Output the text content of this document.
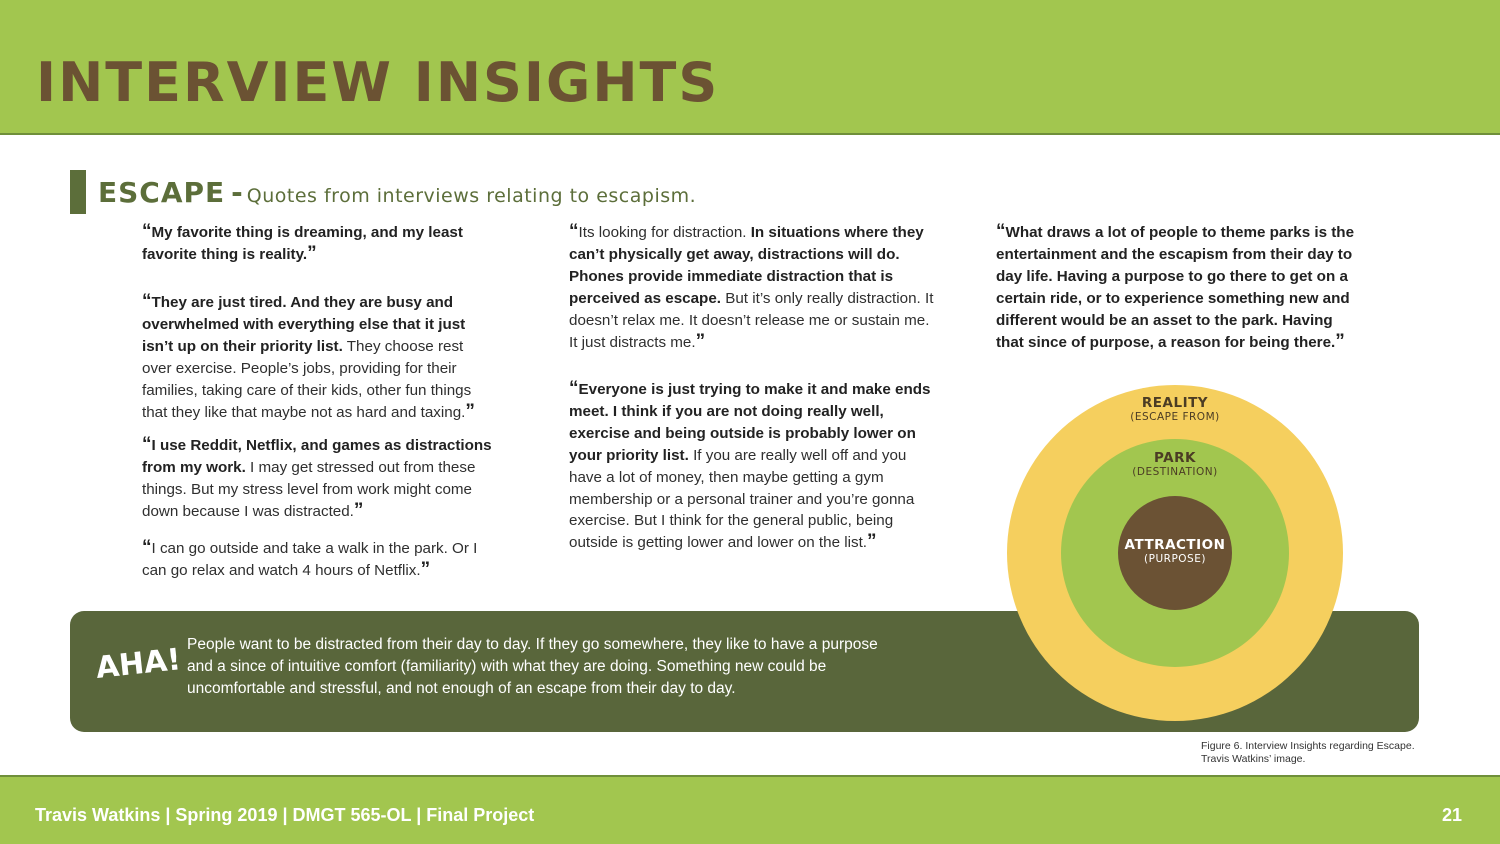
INTERVIEW INSIGHTS
ESCAPE - Quotes from interviews relating to escapism.

“My favorite thing is dreaming, and my least favorite thing is reality.”

“They are just tired. And they are busy and overwhelmed with everything else that it just isn’t up on their priority list. They choose rest over exercise. People’s jobs, providing for their families, taking care of their kids, other fun things that they like that maybe not as hard and taxing.”

“I use Reddit, Netflix, and games as distractions from my work. I may get stressed out from these things. But my stress level from work might come down because I was distracted.”

“I can go outside and take a walk in the park. Or I can go relax and watch 4 hours of Netflix.”

“Its looking for distraction. In situations where they can’t physically get away, distractions will do. Phones provide immediate distraction that is perceived as escape. But it’s only really distraction. It doesn’t relax me. It doesn’t release me or sustain me. It just distracts me.”

“Everyone is just trying to make it and make ends meet. I think if you are not doing really well, exercise and being outside is probably lower on your priority list. If you are really well off and you have a lot of money, then maybe getting a gym membership or a personal trainer and you’re gonna exercise. But I think for the general public, being outside is getting lower and lower on the list.”

“What draws a lot of people to theme parks is the entertainment and the escapism from their day to day life. Having a purpose to go there to get on a certain ride, or to experience something new and different would be an asset to the park. Having that since of purpose, a reason for being there.”

AHA! People want to be distracted from their day to day. If they go somewhere, they like to have a purpose and a since of intuitive comfort (familiarity) with what they are doing. Something new could be uncomfortable and stressful, and not enough of an escape from their day to day.

REALITY
(ESCAPE FROM)
PARK
(DESTINATION)
ATTRACTION
(PURPOSE)

Figure 6. Interview Insights regarding Escape.
Travis Watkins’ image.

Travis Watkins | Spring 2019 | DMGT 565-OL | Final Project	21
